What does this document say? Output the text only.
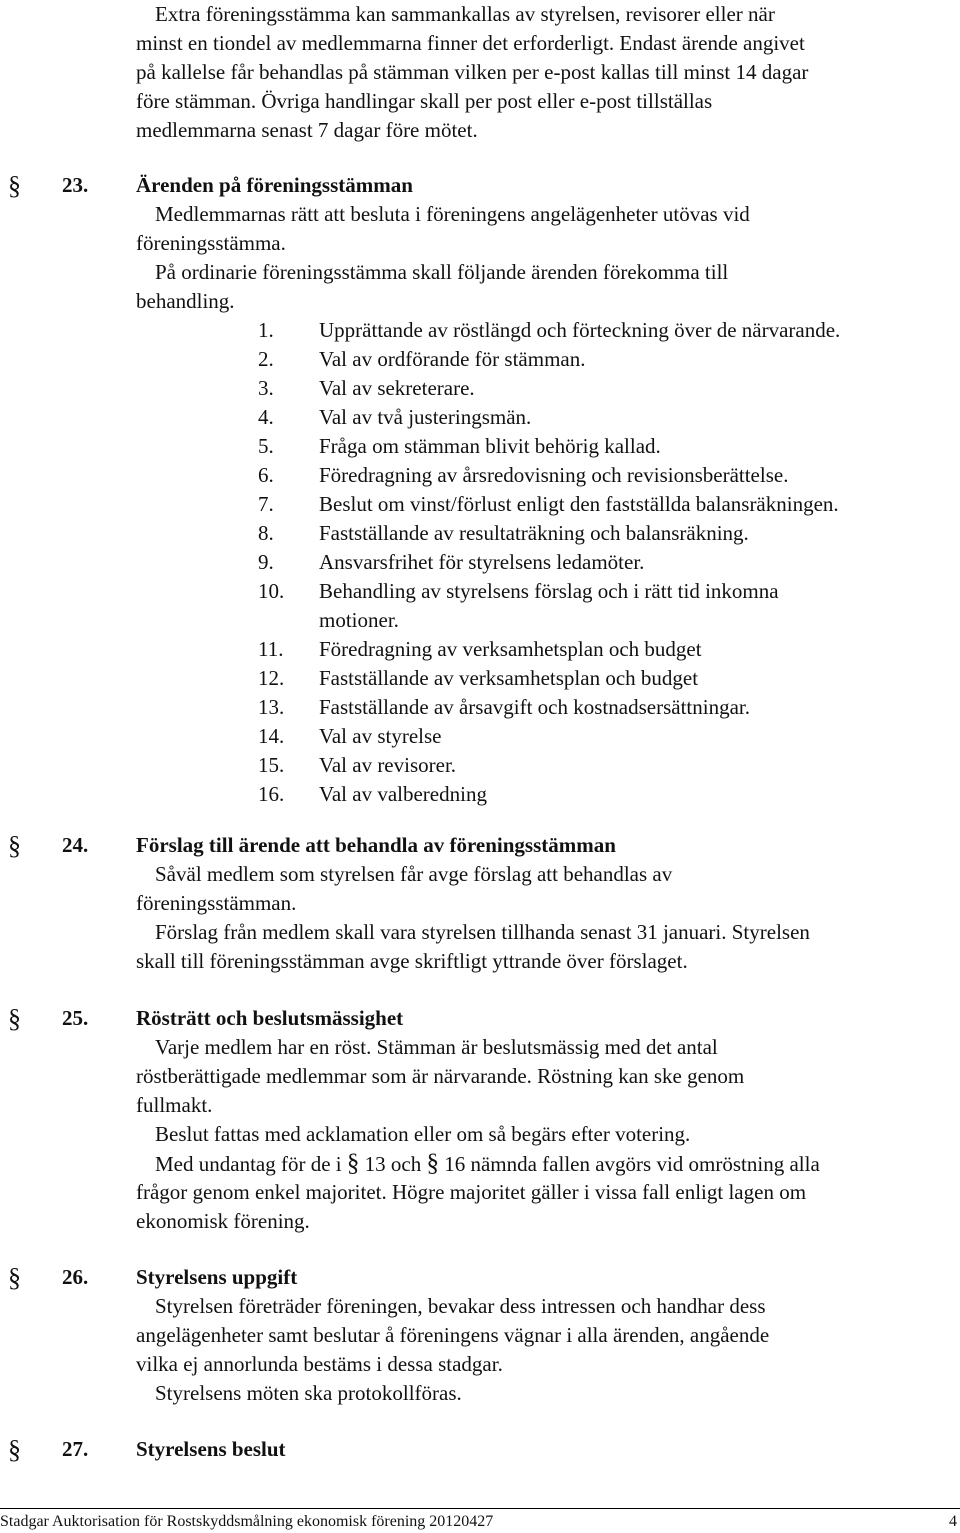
Extra föreningsstämma kan sammankallas av styrelsen, revisorer eller när
minst en tiondel av medlemmarna finner det erforderligt. Endast ärende angivet
på kallelse får behandlas på stämman vilken per e-post kallas till minst 14 dagar
före stämman. Övriga handlingar skall per post eller e-post tillställas
medlemmarna senast 7 dagar före mötet.
§ 23. Ärenden på föreningsstämman
Medlemmarnas rätt att besluta i föreningens angelägenheter utövas vid
föreningsstämma.
På ordinarie föreningsstämma skall följande ärenden förekomma till
behandling.
1. Upprättande av röstlängd och förteckning över de närvarande.
2. Val av ordförande för stämman.
3. Val av sekreterare.
4. Val av två justeringsmän.
5. Fråga om stämman blivit behörig kallad.
6. Föredragning av årsredovisning och revisionsberättelse.
7. Beslut om vinst/förlust enligt den fastställda balansräkningen.
8. Fastställande av resultaträkning och balansräkning.
9. Ansvarsfrihet för styrelsens ledamöter.
10. Behandling av styrelsens förslag och i rätt tid inkomna
motioner.
11. Föredragning av verksamhetsplan och budget
12. Fastställande av verksamhetsplan och budget
13. Fastställande av årsavgift och kostnadsersättningar.
14. Val av styrelse
15. Val av revisorer.
16. Val av valberedning
§ 24. Förslag till ärende att behandla av föreningsstämman
Såväl medlem som styrelsen får avge förslag att behandlas av
föreningsstämman.
Förslag från medlem skall vara styrelsen tillhanda senast 31 januari. Styrelsen
skall till föreningsstämman avge skriftligt yttrande över förslaget.
§ 25. Rösträtt och beslutsmässighet
Varje medlem har en röst. Stämman är beslutsmässig med det antal
röstberättigade medlemmar som är närvarande. Röstning kan ske genom
fullmakt.
Beslut fattas med acklamation eller om så begärs efter votering.
Med undantag för de i § 13 och § 16 nämnda fallen avgörs vid omröstning alla
frågor genom enkel majoritet. Högre majoritet gäller i vissa fall enligt lagen om
ekonomisk förening.
§ 26. Styrelsens uppgift
Styrelsen företräder föreningen, bevakar dess intressen och handhar dess
angelägenheter samt beslutar å föreningens vägnar i alla ärenden, angående
vilka ej annorlunda bestäms i dessa stadgar.
Styrelsens möten ska protokollföras.
§ 27. Styrelsens beslut
Stadgar Auktorisation för Rostskyddsmålning ekonomisk förening 20120427	4
